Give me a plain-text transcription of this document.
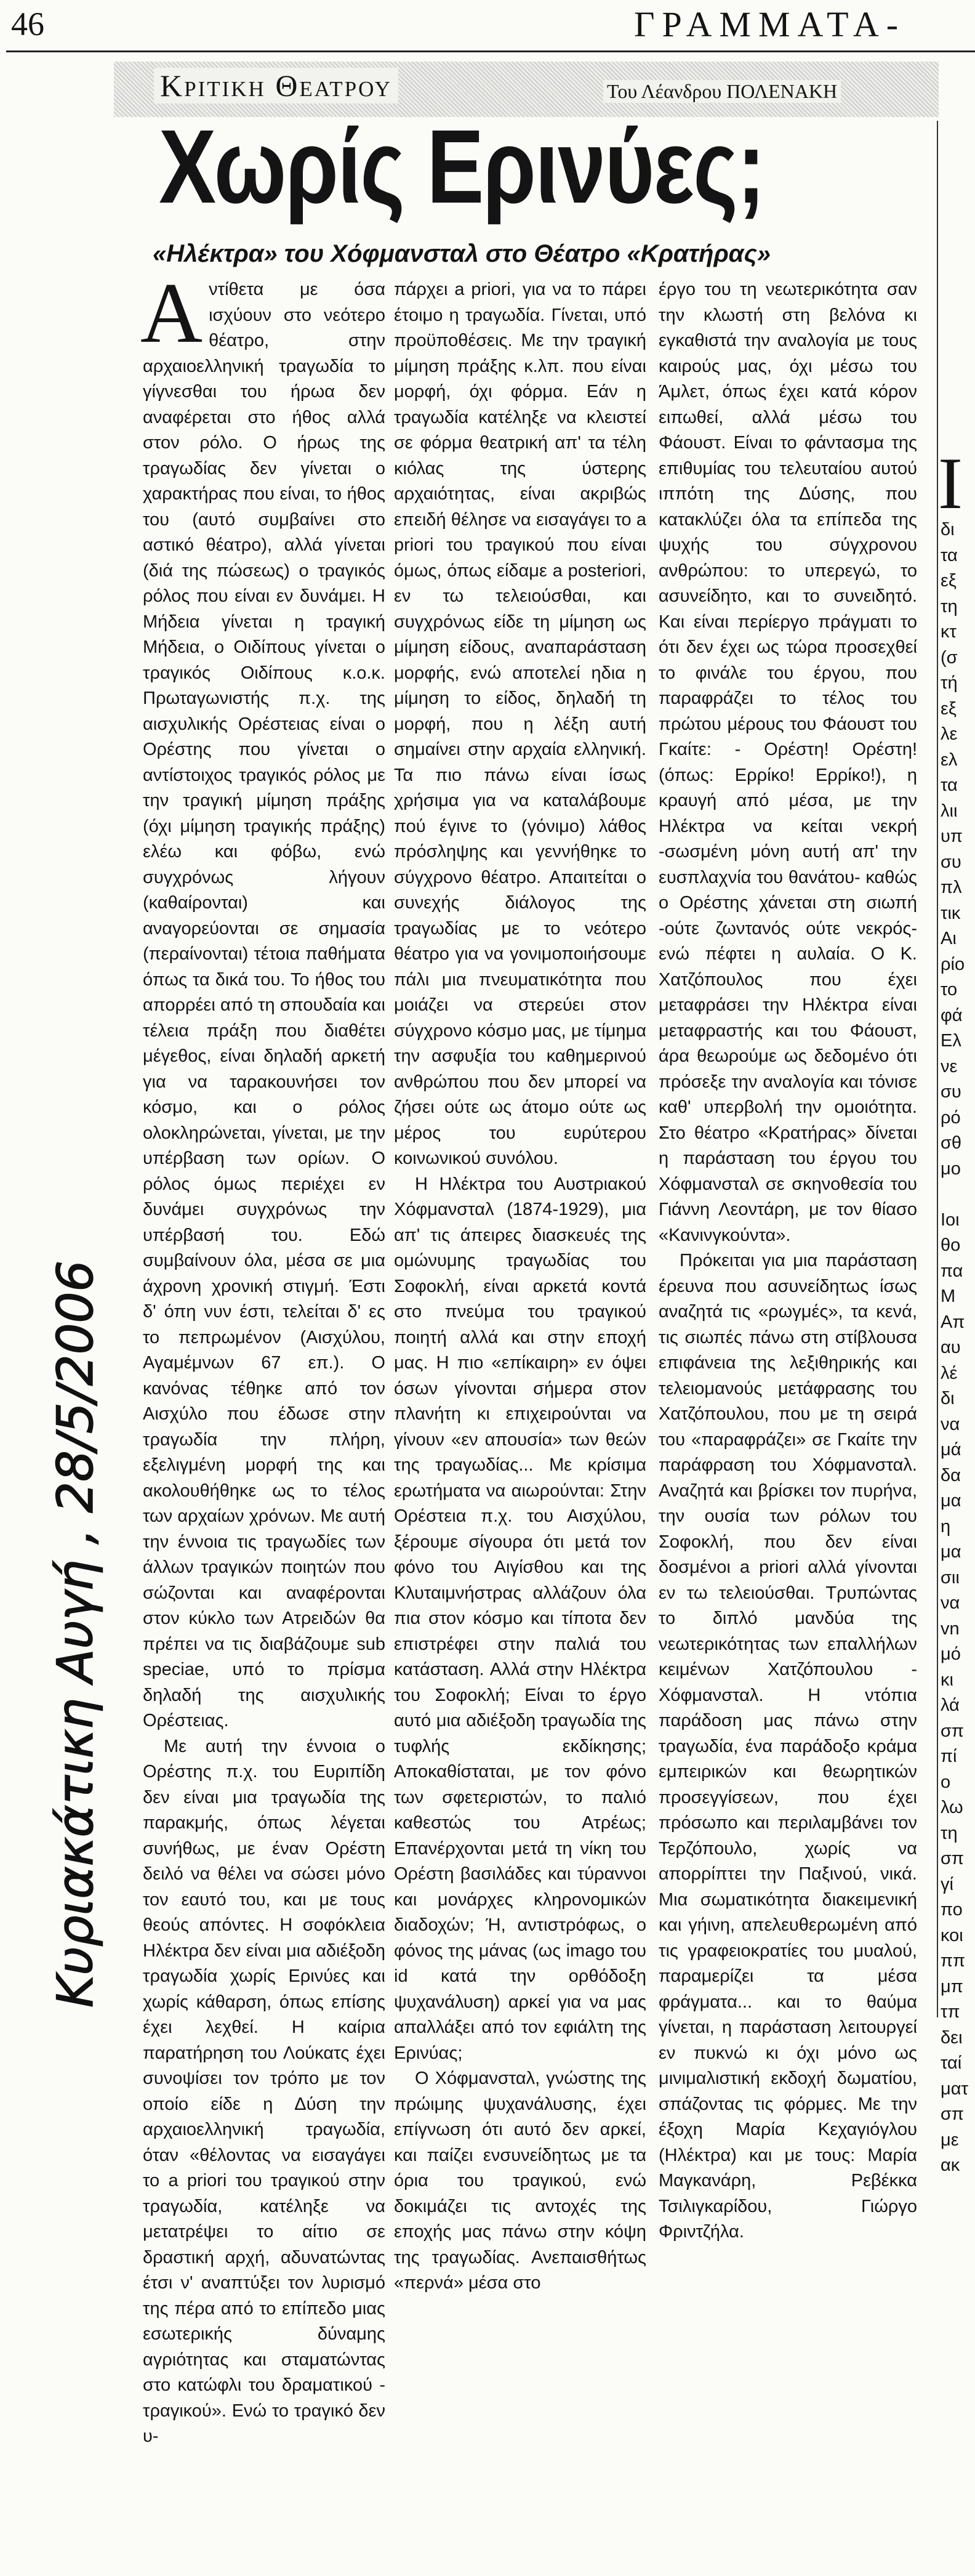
46	ΓΡΑΜΜΑΤΑ-
Κριτικη Θεατρου	Του Λέανδρου ΠΟΛΕΝΑΚΗ
Χωρίς Ερινύες;
«Ηλέκτρα» του Χόφμανσταλ στο Θέατρο «Κρατήρας»
Κυριακάτικη Αυγή , 28/5/2006

Αντίθετα με όσα ισχύουν στο νεότερο θέατρο, στην αρχαιοελληνική τραγωδία το γίγνεσθαι του ήρωα δεν αναφέρεται στο ήθος αλλά στον ρόλο. Ο ήρως της τραγωδίας δεν γίνεται ο χαρακτήρας που είναι, το ήθος του (αυτό συμβαίνει στο αστικό θέατρο), αλλά γίνεται (διά της πώσεως) ο τραγικός ρόλος που είναι εν δυνάμει. Η Μήδεια γίνεται η τραγική Μήδεια, ο Οιδίπους γίνεται ο τραγικός Οιδίπους κ.ο.κ. Πρωταγωνιστής π.χ. της αισχυλικής Ορέστειας είναι ο Ορέστης που γίνεται ο αντίστοιχος τραγικός ρόλος με την τραγική μίμηση πράξης (όχι μίμηση τραγικής πράξης) ελέω και φόβω, ενώ συγχρόνως λήγουν (καθαίρονται) και αναγορεύονται σε σημασία (περαίνονται) τέτοια παθήματα όπως τα δικά του. Το ήθος του απορρέει από τη σπουδαία και τέλεια πράξη που διαθέτει μέγεθος, είναι δηλαδή αρκετή για να ταρακουνήσει τον κόσμο, και ο ρόλος ολοκληρώνεται, γίνεται, με την υπέρβαση των ορίων. Ο ρόλος όμως περιέχει εν δυνάμει συγχρόνως την υπέρβασή του. Εδώ συμβαίνουν όλα, μέσα σε μια άχρονη χρονική στιγμή. Έστι δ' όπη νυν έστι, τελείται δ' ες το πεπρωμένον (Αισχύλου, Αγαμέμνων 67 επ.). Ο κανόνας τέθηκε από τον Αισχύλο που έδωσε στην τραγωδία την πλήρη, εξελιγμένη μορφή της και ακολουθήθηκε ως το τέλος των αρχαίων χρόνων. Με αυτή την έννοια τις τραγωδίες των άλλων τραγικών ποιητών που σώζονται και αναφέρονται στον κύκλο των Ατρειδών θα πρέπει να τις διαβάζουμε sub speciae, υπό το πρίσμα δηλαδή της αισχυλικής Ορέστειας.

Με αυτή την έννοια ο Ορέστης π.χ. του Ευριπίδη δεν είναι μια τραγωδία της παρακμής, όπως λέγεται συνήθως, με έναν Ορέστη δειλό να θέλει να σώσει μόνο τον εαυτό του, και με τους θεούς απόντες. Η σοφόκλεια Ηλέκτρα δεν είναι μια αδιέξοδη τραγωδία χωρίς Ερινύες και χωρίς κάθαρση, όπως επίσης έχει λεχθεί. Η καίρια παρατήρηση του Λούκατς έχει συνοψίσει τον τρόπο με τον οποίο είδε η Δύση την αρχαιοελληνική τραγωδία, όταν «θέλοντας να εισαγάγει το a priori του τραγικού στην τραγωδία, κατέληξε να μετατρέψει το αίτιο σε δραστική αρχή, αδυνατώντας έτσι ν' αναπτύξει τον λυρισμό της πέρα από το επίπεδο μιας εσωτερικής δύναμης αγριότητας και σταματώντας στο κατώφλι του δραματικού - τραγικού». Ενώ το τραγικό δεν υ-

πάρχει a priori, για να το πάρει έτοιμο η τραγωδία. Γίνεται, υπό προϋποθέσεις. Με την τραγική μίμηση πράξης κ.λπ. που είναι μορφή, όχι φόρμα. Εάν η τραγωδία κατέληξε να κλειστεί σε φόρμα θεατρική απ' τα τέλη κιόλας της ύστερης αρχαιότητας, είναι ακριβώς επειδή θέλησε να εισαγάγει το a priori του τραγικού που είναι όμως, όπως είδαμε a posteriori, εν τω τελειούσθαι, και συγχρόνως είδε τη μίμηση ως μίμηση είδους, αναπαράσταση μορφής, ενώ αποτελεί ηδια η μίμηση το είδος, δηλαδή τη μορφή, που η λέξη αυτή σημαίνει στην αρχαία ελληνική. Τα πιο πάνω είναι ίσως χρήσιμα για να καταλάβουμε πού έγινε το (γόνιμο) λάθος πρόσληψης και γεννήθηκε το σύγχρονο θέατρο. Απαιτείται ο συνεχής διάλογος της τραγωδίας με το νεότερο θέατρο για να γονιμοποιήσουμε πάλι μια πνευματικότητα που μοιάζει να στερεύει στον σύγχρονο κόσμο μας, με τίμημα την ασφυξία του καθημερινού ανθρώπου που δεν μπορεί να ζήσει ούτε ως άτομο ούτε ως μέρος του ευρύτερου κοινωνικού συνόλου.

Η Ηλέκτρα του Αυστριακού Χόφμανσταλ (1874-1929), μια απ' τις άπειρες διασκευές της ομώνυμης τραγωδίας του Σοφοκλή, είναι αρκετά κοντά στο πνεύμα του τραγικού ποιητή αλλά και στην εποχή μας. Η πιο «επίκαιρη» εν όψει όσων γίνονται σήμερα στον πλανήτη κι επιχειρούνται να γίνουν «εν απουσία» των θεών της τραγωδίας... Με κρίσιμα ερωτήματα να αιωρούνται: Στην Ορέστεια π.χ. του Αισχύλου, ξέρουμε σίγουρα ότι μετά τον φόνο του Αιγίσθου και της Κλυταιμνήστρας αλλάζουν όλα πια στον κόσμο και τίποτα δεν επιστρέφει στην παλιά του κατάσταση. Αλλά στην Ηλέκτρα του Σοφοκλή; Είναι το έργο αυτό μια αδιέξοδη τραγωδία της τυφλής εκδίκησης; Αποκαθίσταται, με τον φόνο των σφετεριστών, το παλιό καθεστώς του Ατρέως; Επανέρχονται μετά τη νίκη του Ορέστη βασιλάδες και τύραννοι και μονάρχες κληρονομικών διαδοχών; Ή, αντιστρόφως, ο φόνος της μάνας (ως imago του id κατά την ορθόδοξη ψυχανάλυση) αρκεί για να μας απαλλάξει από τον εφιάλτη της Ερινύας;

Ο Χόφμανσταλ, γνώστης της πρώιμης ψυχανάλυσης, έχει επίγνωση ότι αυτό δεν αρκεί, και παίζει ενσυνείδητως με τα όρια του τραγικού, ενώ δοκιμάζει τις αντοχές της εποχής μας πάνω στην κόψη της τραγωδίας. Ανεπαισθήτως «περνά» μέσα στο

έργο του τη νεωτερικότητα σαν την κλωστή στη βελόνα κι εγκαθιστά την αναλογία με τους καιρούς μας, όχι μέσω του Άμλετ, όπως έχει κατά κόρον ειπωθεί, αλλά μέσω του Φάουστ. Είναι το φάντασμα της επιθυμίας του τελευταίου αυτού ιππότη της Δύσης, που κατακλύζει όλα τα επίπεδα της ψυχής του σύγχρονου ανθρώπου: το υπερεγώ, το ασυνείδητο, και το συνειδητό. Και είναι περίεργο πράγματι το ότι δεν έχει ως τώρα προσεχθεί το φινάλε του έργου, που παραφράζει το τέλος του πρώτου μέρους του Φάουστ του Γκαίτε: - Ορέστη! Ορέστη! (όπως: Ερρίκο! Ερρίκο!), η κραυγή από μέσα, με την Ηλέκτρα να κείται νεκρή -σωσμένη μόνη αυτή απ' την ευσπλαχνία του θανάτου- καθώς ο Ορέστης χάνεται στη σιωπή -ούτε ζωντανός ούτε νεκρός- ενώ πέφτει η αυλαία. Ο Κ. Χατζόπουλος που έχει μεταφράσει την Ηλέκτρα είναι μεταφραστής και του Φάουστ, άρα θεωρούμε ως δεδομένο ότι πρόσεξε την αναλογία και τόνισε καθ' υπερβολή την ομοιότητα. Στο θέατρο «Κρατήρας» δίνεται η παράσταση του έργου του Χόφμανσταλ σε σκηνοθεσία του Γιάννη Λεοντάρη, με τον θίασο «Κανινγκούντα».

Πρόκειται για μια παράσταση έρευνα που ασυνείδητως ίσως αναζητά τις «ρωγμές», τα κενά, τις σιωπές πάνω στη στίβλουσα επιφάνεια της λεξιθηρικής και τελειομανούς μετάφρασης του Χατζόπουλου, που με τη σειρά του «παραφράζει» σε Γκαίτε την παράφραση του Χόφμανσταλ. Αναζητά και βρίσκει τον πυρήνα, την ουσία των ρόλων του Σοφοκλή, που δεν είναι δοσμένοι a priori αλλά γίνονται εν τω τελειούσθαι. Τρυπώντας το διπλό μανδύα της νεωτερικότητας των επαλλήλων κειμένων Χατζόπουλου - Χόφμανσταλ. Η ντόπια παράδοση μας πάνω στην τραγωδία, ένα παράδοξο κράμα εμπειρικών και θεωρητικών προσεγγίσεων, που έχει πρόσωπο και περιλαμβάνει τον Τερζόπουλο, χωρίς να απορρίπτει την Παξινού, νικά. Μια σωματικότητα διακειμενική και γήινη, απελευθερωμένη από τις γραφειοκρατίες του μυαλού, παραμερίζει τα μέσα φράγματα... και το θαύμα γίνεται, η παράσταση λειτουργεί εν πυκνώ κι όχι μόνο ως μινιμαλιστική εκδοχή δωματίου, σπάζοντας τις φόρμες. Με την έξοχη Μαρία Κεχαγιόγλου (Ηλέκτρα) και με τους: Μαρία Μαγκανάρη, Ρεβέκκα Τσιλιγκαρίδου, Γιώργο Φριντζήλα.

Ι
δι
τα
εξ
τη
κτ
(σ
τή
εξ
λε
ελ
τα
λιι
υπ
συ
πλ
τικ
Αι
ρίο
το
φά
Ελ
νε
συ
ρό
σθ
μο

Ιοι
θο
πα
Μ
Απ
αυ
λέ
δι
να
μά
δα
μα
η
μα
σιι
να
vn
μό
κι
λά
σπ
πί
ο
λω
τη
σπ
γί
πο
κοι
ππ
μπ
τπ
δει
ταί
ματ
σπ
με
ακ
